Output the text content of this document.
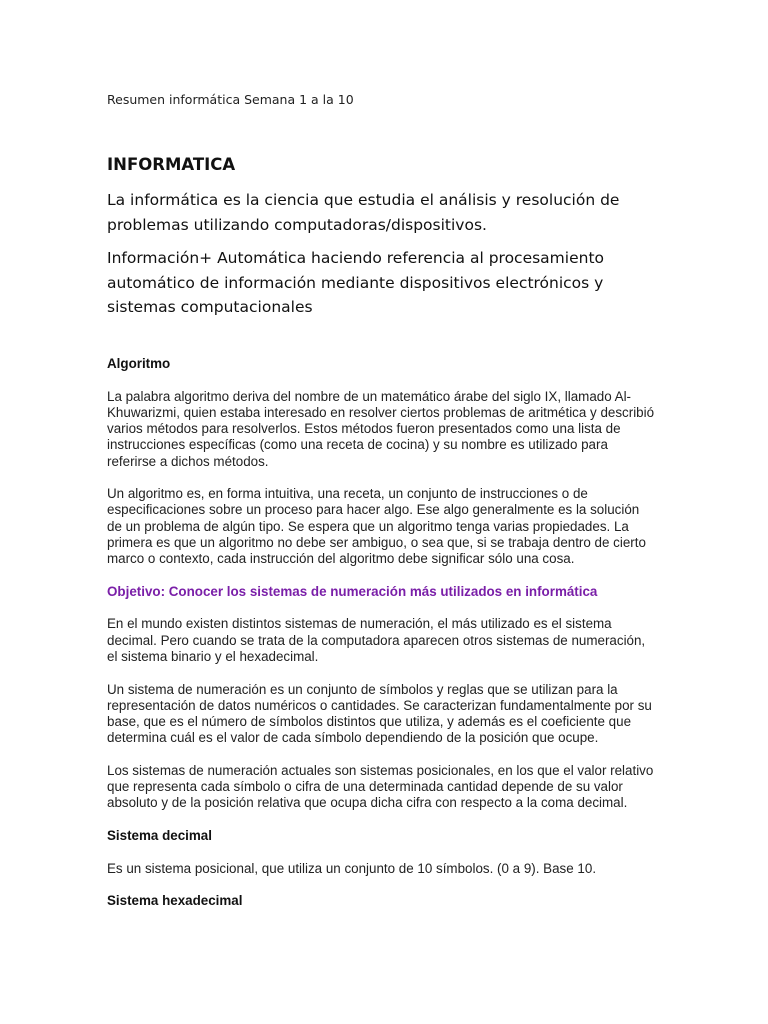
Resumen informática Semana 1 a la 10
INFORMATICA

La informática es la ciencia que estudia el análisis y resolución de problemas utilizando computadoras/dispositivos.

Información+ Automática haciendo referencia al procesamiento automático de información mediante dispositivos electrónicos y sistemas computacionales

Algoritmo

La palabra algoritmo deriva del nombre de un matemático árabe del siglo IX, llamado Al-Khuwarizmi, quien estaba interesado en resolver ciertos problemas de aritmética y describió varios métodos para resolverlos. Estos métodos fueron presentados como una lista de instrucciones específicas (como una receta de cocina) y su nombre es utilizado para referirse a dichos métodos.

Un algoritmo es, en forma intuitiva, una receta, un conjunto de instrucciones o de especificaciones sobre un proceso para hacer algo. Ese algo generalmente es la solución de un problema de algún tipo. Se espera que un algoritmo tenga varias propiedades. La primera es que un algoritmo no debe ser ambiguo, o sea que, si se trabaja dentro de cierto marco o contexto, cada instrucción del algoritmo debe significar sólo una cosa.

Objetivo: Conocer los sistemas de numeración más utilizados en informática

En el mundo existen distintos sistemas de numeración, el más utilizado es el sistema decimal. Pero cuando se trata de la computadora aparecen otros sistemas de numeración, el sistema binario y el hexadecimal.

Un sistema de numeración es un conjunto de símbolos y reglas que se utilizan para la representación de datos numéricos o cantidades. Se caracterizan fundamentalmente por su base, que es el número de símbolos distintos que utiliza, y además es el coeficiente que determina cuál es el valor de cada símbolo dependiendo de la posición que ocupe.

Los sistemas de numeración actuales son sistemas posicionales, en los que el valor relativo que representa cada símbolo o cifra de una determinada cantidad depende de su valor absoluto y de la posición relativa que ocupa dicha cifra con respecto a la coma decimal.

Sistema decimal

Es un sistema posicional, que utiliza un conjunto de 10 símbolos. (0 a 9). Base 10.

Sistema hexadecimal
